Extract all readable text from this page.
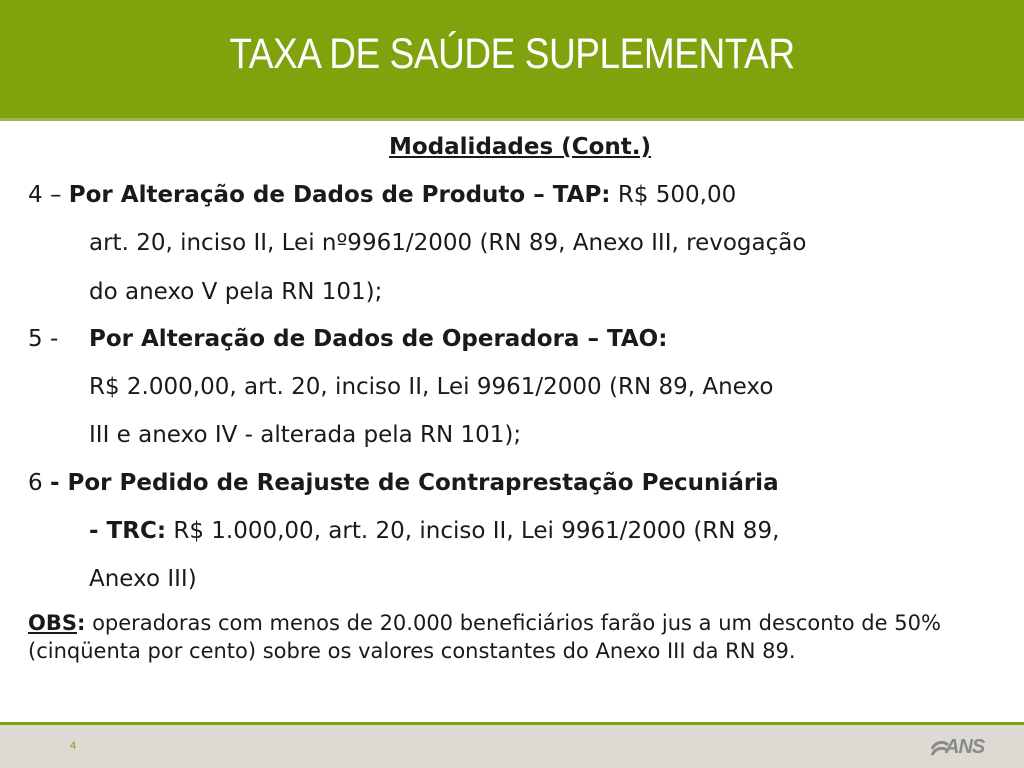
TAXA DE SAÚDE SUPLEMENTAR
Modalidades (Cont.)
4 – Por Alteração de Dados de Produto – TAP: R$ 500,00
art. 20, inciso II, Lei nº9961/2000 (RN 89, Anexo III, revogação
do anexo V pela RN 101);
5 -Por Alteração de Dados de Operadora – TAO:
R$ 2.000,00, art. 20, inciso II, Lei 9961/2000 (RN 89, Anexo
III e anexo IV - alterada pela RN 101);
6 - Por Pedido de Reajuste de Contraprestação Pecuniária
- TRC: R$ 1.000,00, art. 20, inciso II, Lei 9961/2000 (RN 89,
Anexo III)
OBS: operadoras com menos de 20.000 beneficiários farão jus a um desconto de 50% (cinqüenta por cento) sobre os valores constantes do Anexo III da RN 89.
4	ANS
